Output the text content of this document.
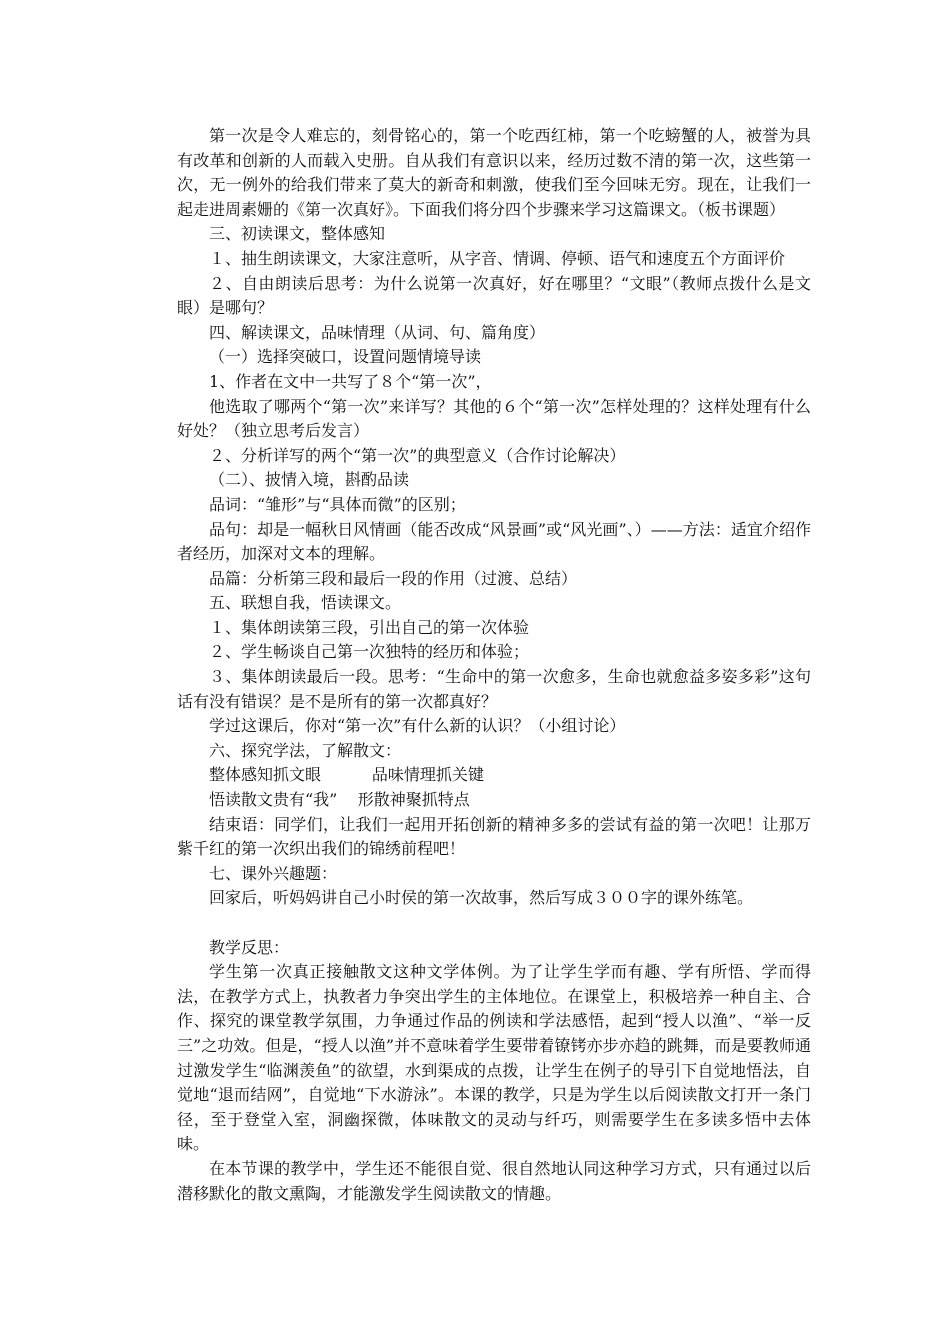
第一次是令人难忘的，刻骨铭心的，第一个吃西红柿，第一个吃螃蟹的人，被誉为具有改革和创新的人而载入史册。自从我们有意识以来，经历过数不清的第一次，这些第一次，无一例外的给我们带来了莫大的新奇和刺激，使我们至今回味无穷。现在，让我们一起走进周素姗的《第一次真好》。下面我们将分四个步骤来学习这篇课文。（板书课题）

三、初读课文，整体感知

１、抽生朗读课文，大家注意听，从字音、情调、停顿、语气和速度五个方面评价

２、自由朗读后思考：为什么说第一次真好，好在哪里？“文眼”（教师点拨什么是文眼）是哪句？

四、解读课文，品味情理（从词、句、篇角度）

（一）选择突破口，设置问题情境导读

1、作者在文中一共写了８个“第一次”，

他选取了哪两个“第一次”来详写？其他的６个“第一次”怎样处理的？这样处理有什么好处？（独立思考后发言）

２、分析详写的两个“第一次”的典型意义（合作讨论解决）

（二）、披情入境，斟酌品读

品词：“雏形”与“具体而微”的区别；

品句：却是一幅秋日风情画（能否改成“风景画”或“风光画”、）——方法：适宜介绍作者经历，加深对文本的理解。

品篇：分析第三段和最后一段的作用（过渡、总结）

五、联想自我，悟读课文。

１、集体朗读第三段，引出自己的第一次体验

２、学生畅谈自己第一次独特的经历和体验；

３、集体朗读最后一段。思考：“生命中的第一次愈多，生命也就愈益多姿多彩”这句话有没有错误？是不是所有的第一次都真好？

学过这课后，你对“第一次”有什么新的认识？（小组讨论）

六、探究学法，了解散文：

整体感知抓文眼          品味情理抓关键

悟读散文贵有“我”    形散神聚抓特点

结束语：同学们，让我们一起用开拓创新的精神多多的尝试有益的第一次吧！让那万紫千红的第一次织出我们的锦绣前程吧！

七、课外兴趣题：

回家后，听妈妈讲自己小时侯的第一次故事，然后写成３００字的课外练笔。

教学反思：

学生第一次真正接触散文这种文学体例。为了让学生学而有趣、学有所悟、学而得法，在教学方式上，执教者力争突出学生的主体地位。在课堂上，积极培养一种自主、合作、探究的课堂教学氛围，力争通过作品的例读和学法感悟，起到“授人以渔”、“举一反三”之功效。但是，“授人以渔”并不意味着学生要带着镣铐亦步亦趋的跳舞，而是要教师通过激发学生“临渊羡鱼”的欲望，水到渠成的点拨，让学生在例子的导引下自觉地悟法，自觉地“退而结网”，自觉地“下水游泳”。本课的教学，只是为学生以后阅读散文打开一条门径，至于登堂入室，洞幽探微，体味散文的灵动与纤巧，则需要学生在多读多悟中去体味。

在本节课的教学中，学生还不能很自觉、很自然地认同这种学习方式，只有通过以后潜移默化的散文熏陶，才能激发学生阅读散文的情趣。
